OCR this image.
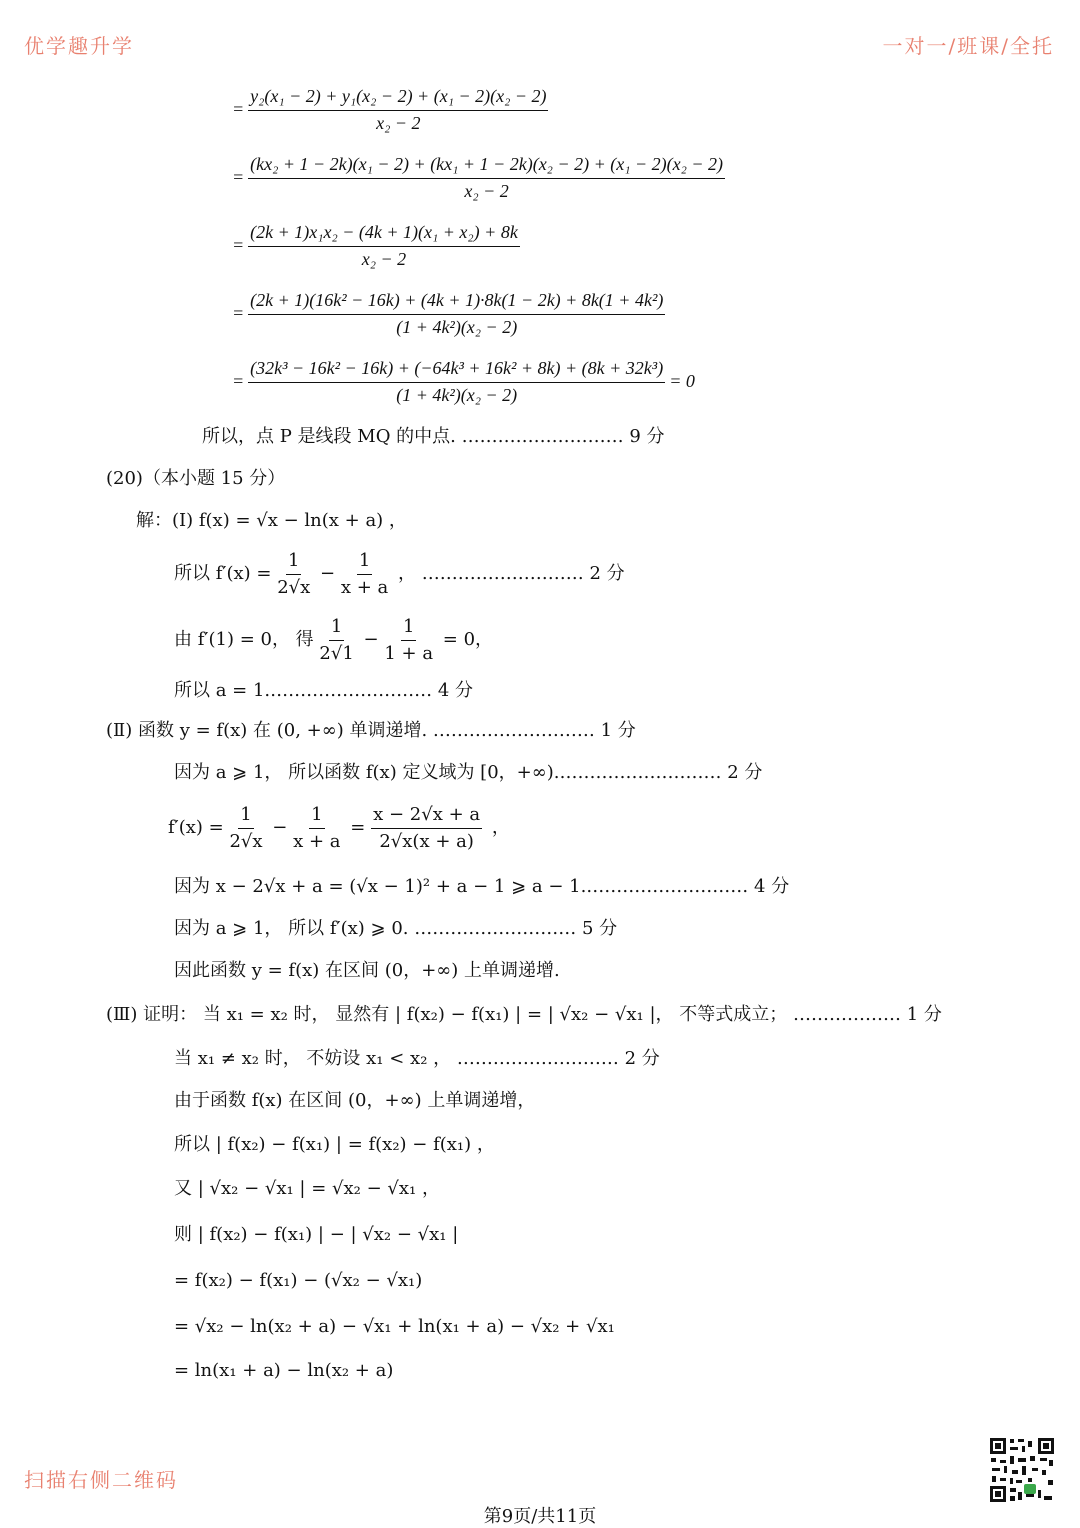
优学趣升学	一对一/班课/全托
扫描右侧二维码
= $\frac{\text{y₂(x₁ − 2) + y₁(x₂ − 2) + (x₁ − 2)(x₂ − 2)}}{\text{x₂ − 2}}$
=
(kx₂ + 1 − 2k)(x₁ − 2) + (kx₁ + 1 − 2k)(x₂ − 2) + (x₁ − 2)(x₂ − 2)
x₂ − 2
= $\frac{\text{(2k + 1)x₁x₂ − (4k + 1)(x₁ + x₂) + 8k}}{\text{x₂ − 2}}$
= $\frac{\text{(2k + 1)(16k² − 16k) + (4k + 1)·8k(1 − 2k) + 8k(1 + 4k²)}}{\text{(1 + 4k²)(x₂ − 2)}}$
= $\frac{\text{(32k³ − 16k² − 16k) + (−64k³ + 16k² + 8k) + (8k + 32k³)}}{\text{(1 + 4k²)(x₂ − 2)}} = 0$
所以，点 P 是线段 MQ 的中点. ……………………… 9 分
(20)（本小题 15 分）
解：(Ⅰ) f(x) = √x − ln(x + a) ，
所以 $f'(x) = \frac{1}{2√x} - \frac{1}{x + a}$ ， ……………………… 2 分
由 f′(1) = 0， 得 $\frac{1}{2√1} - \frac{1}{1 + a} = 0$，
所以 a = 1.……………………… 4 分
(Ⅱ) 函数 y = f(x) 在 (0, +∞) 单调递增. ……………………… 1 分
因为 a ⩾ 1， 所以函数 f(x) 定义域为 [0，+∞).……………………… 2 分
$f'(x) = \frac{1}{2√x} - \frac{1}{x + a} = \frac{x - 2√x + a}{2√x(x + a)}$ ，
因为 x − 2√x + a = (√x − 1)² + a − 1 ⩾ a − 1.……………………… 4 分
因为 a ⩾ 1， 所以 f′(x) ⩾ 0. ……………………… 5 分
因此函数 y = f(x) 在区间 (0，+∞) 上单调递增.
(Ⅲ) 证明： 当 x₁ = x₂ 时， 显然有 | f(x₂) − f(x₁) | = | √x₂ − √x₁ |， 不等式成立； ……………… 1 分
当 x₁ ≠ x₂ 时， 不妨设 x₁ < x₂ ， ……………………… 2 分
由于函数 f(x) 在区间 (0，+∞) 上单调递增，
所以 | f(x₂) − f(x₁) | = f(x₂) − f(x₁) ，
又 | √x₂ − √x₁ | = √x₂ − √x₁ ，
则 | f(x₂) − f(x₁) | − | √x₂ − √x₁ |
= f(x₂) − f(x₁) − (√x₂ − √x₁)
= √x₂ − ln(x₂ + a) − √x₁ + ln(x₁ + a) − √x₂ + √x₁
= ln(x₁ + a) − ln(x₂ + a)
第9页/共11页
